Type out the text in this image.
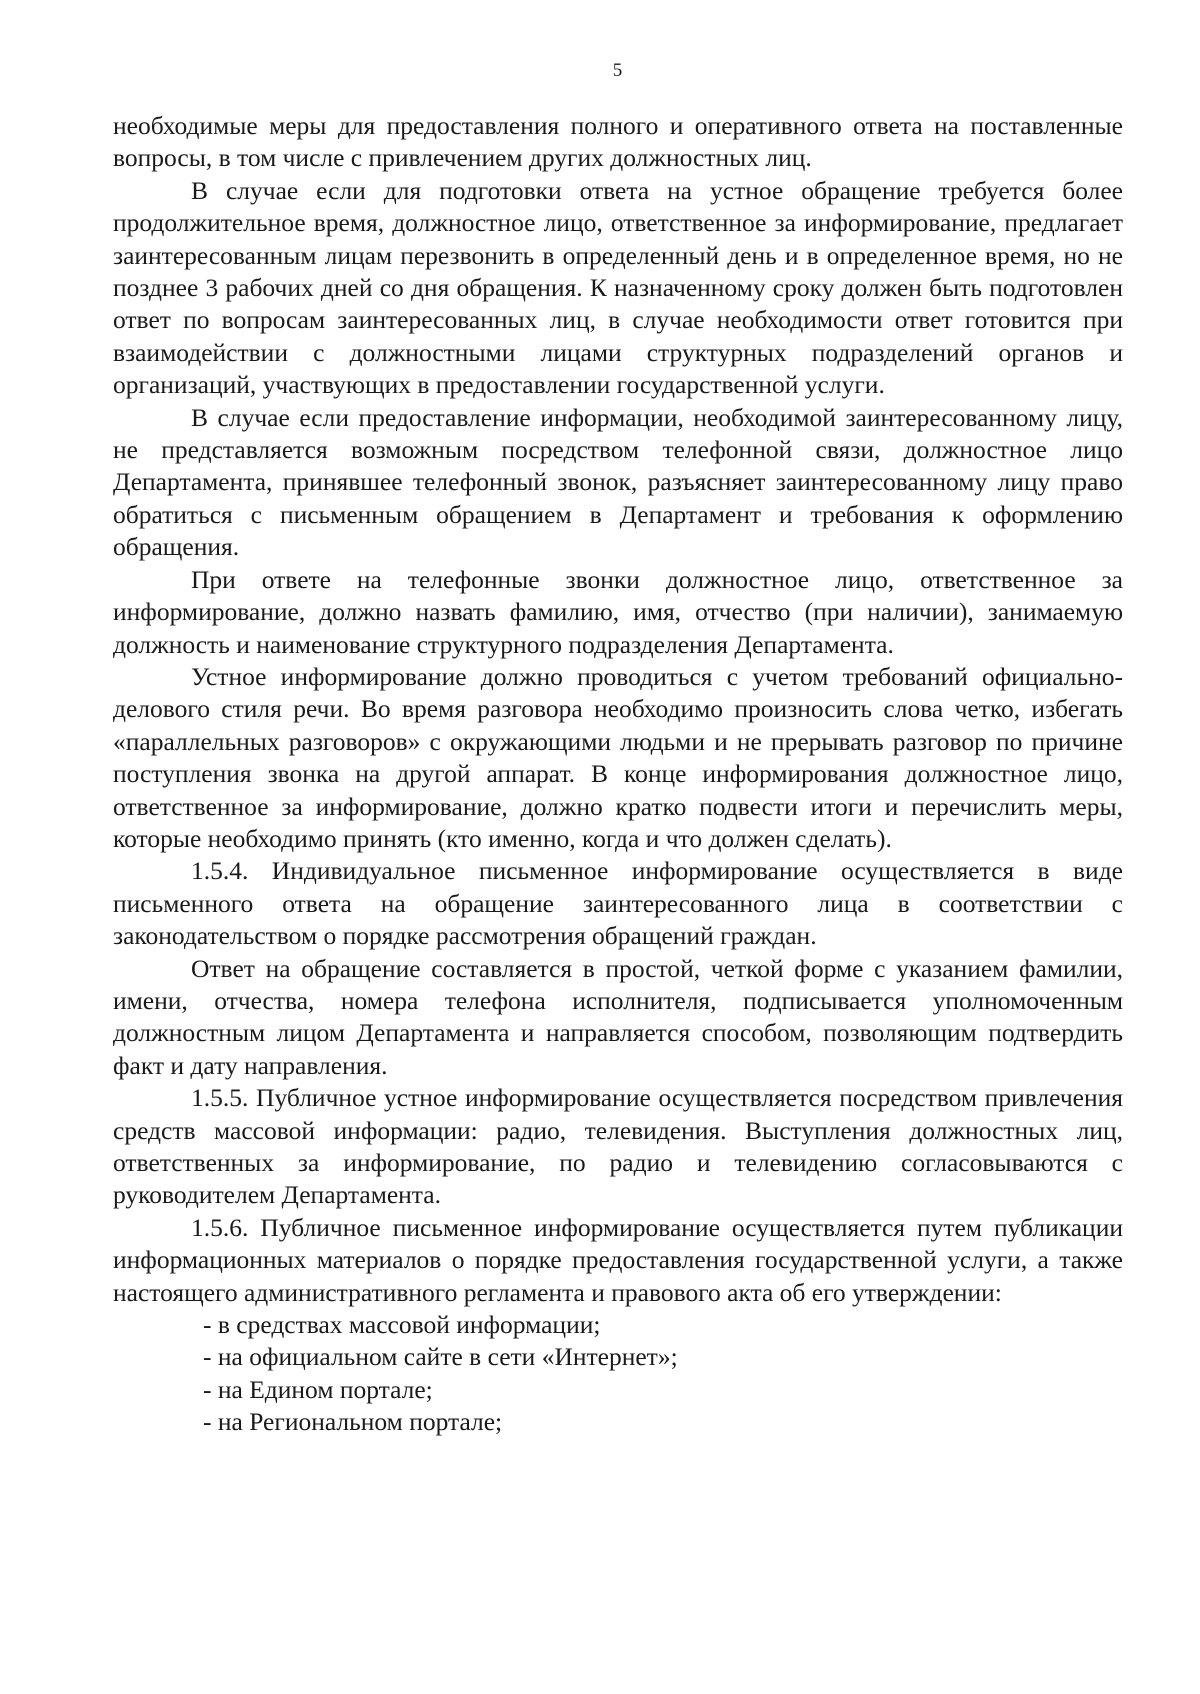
5

необходимые меры для предоставления полного и оперативного ответа на поставленные вопросы, в том числе с привлечением других должностных лиц.

В случае если для подготовки ответа на устное обращение требуется более продолжительное время, должностное лицо, ответственное за информирование, предлагает заинтересованным лицам перезвонить в определенный день и в определенное время, но не позднее 3 рабочих дней со дня обращения. К назначенному сроку должен быть подготовлен ответ по вопросам заинтересованных лиц, в случае необходимости ответ готовится при взаимодействии с должностными лицами структурных подразделений органов и организаций, участвующих в предоставлении государственной услуги.

В случае если предоставление информации, необходимой заинтересованному лицу, не представляется возможным посредством телефонной связи, должностное лицо Департамента, принявшее телефонный звонок, разъясняет заинтересованному лицу право обратиться с письменным обращением в Департамент и требования к оформлению обращения.

При ответе на телефонные звонки должностное лицо, ответственное за информирование, должно назвать фамилию, имя, отчество (при наличии), занимаемую должность и наименование структурного подразделения Департамента.

Устное информирование должно проводиться с учетом требований официально-делового стиля речи. Во время разговора необходимо произносить слова четко, избегать «параллельных разговоров» с окружающими людьми и не прерывать разговор по причине поступления звонка на другой аппарат. В конце информирования должностное лицо, ответственное за информирование, должно кратко подвести итоги и перечислить меры, которые необходимо принять (кто именно, когда и что должен сделать).

1.5.4. Индивидуальное письменное информирование осуществляется в виде письменного ответа на обращение заинтересованного лица в соответствии с законодательством о порядке рассмотрения обращений граждан.

Ответ на обращение составляется в простой, четкой форме с указанием фамилии, имени, отчества, номера телефона исполнителя, подписывается уполномоченным должностным лицом Департамента и направляется способом, позволяющим подтвердить факт и дату направления.

1.5.5. Публичное устное информирование осуществляется посредством привлечения средств массовой информации: радио, телевидения. Выступления должностных лиц, ответственных за информирование, по радио и телевидению согласовываются с руководителем Департамента.

1.5.6. Публичное письменное информирование осуществляется путем публикации информационных материалов о порядке предоставления государственной услуги, а также настоящего административного регламента и правового акта об его утверждении:

- в средствах массовой информации;

- на официальном сайте в сети «Интернет»;

- на Едином портале;

- на Региональном портале;
